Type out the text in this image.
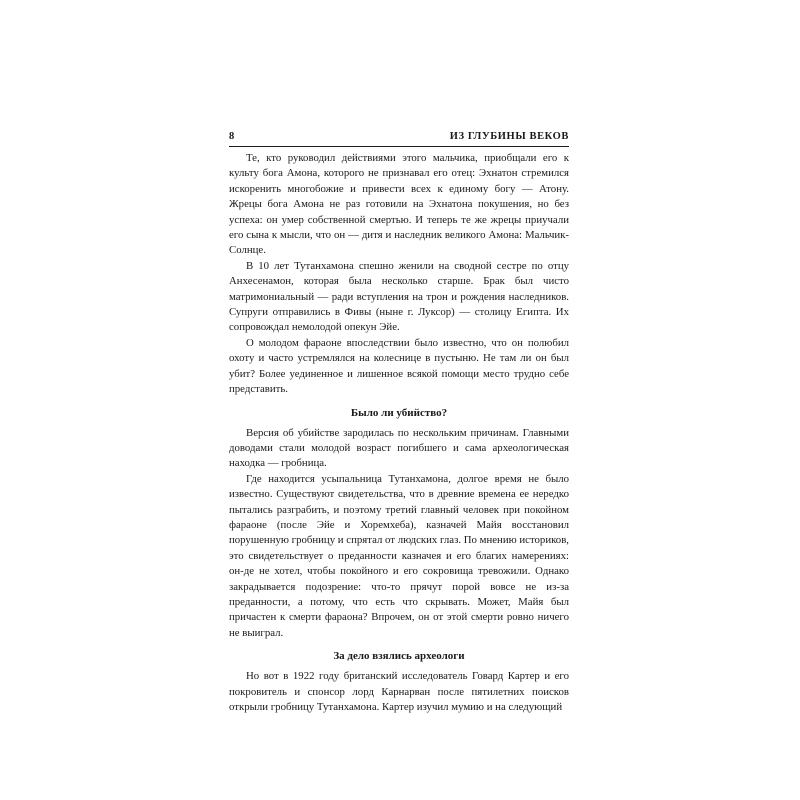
8	ИЗ ГЛУБИНЫ ВЕКОВ

Те, кто руководил действиями этого мальчика, приобщали его к культу бога Амона, которого не признавал его отец: Эхнатон стремился искоренить многобожие и привести всех к единому богу — Атону. Жрецы бога Амона не раз готовили на Эхнатона покушения, но без успеха: он умер собственной смертью. И теперь те же жрецы приучали его сына к мысли, что он — дитя и наследник великого Амона: Мальчик-Солнце.

В 10 лет Тутанхамона спешно женили на сводной сестре по отцу Анхесенамон, которая была несколько старше. Брак был чисто матримониальный — ради вступления на трон и рождения наследников. Супруги отправились в Фивы (ныне г. Луксор) — столицу Египта. Их сопровождал немолодой опекун Эйе.

О молодом фараоне впоследствии было известно, что он полюбил охоту и часто устремлялся на колеснице в пустыню. Не там ли он был убит? Более уединенное и лишенное всякой помощи место трудно себе представить.

Было ли убийство?

Версия об убийстве зародилась по нескольким причинам. Главными доводами стали молодой возраст погибшего и сама археологическая находка — гробница.

Где находится усыпальница Тутанхамона, долгое время не было известно. Существуют свидетельства, что в древние времена ее нередко пытались разграбить, и поэтому третий главный человек при покойном фараоне (после Эйе и Хоремхеба), казначей Майя восстановил порушенную гробницу и спрятал от людских глаз. По мнению историков, это свидетельствует о преданности казначея и его благих намерениях: он-де не хотел, чтобы покойного и его сокровища тревожили. Однако закрадывается подозрение: что-то прячут порой вовсе не из-за преданности, а потому, что есть что скрывать. Может, Майя был причастен к смерти фараона? Впрочем, он от этой смерти ровно ничего не выиграл.

За дело взялись археологи

Но вот в 1922 году британский исследователь Говард Картер и его покровитель и спонсор лорд Карнарван после пятилетних поисков открыли гробницу Тутанхамона. Картер изучил мумию и на следующий
